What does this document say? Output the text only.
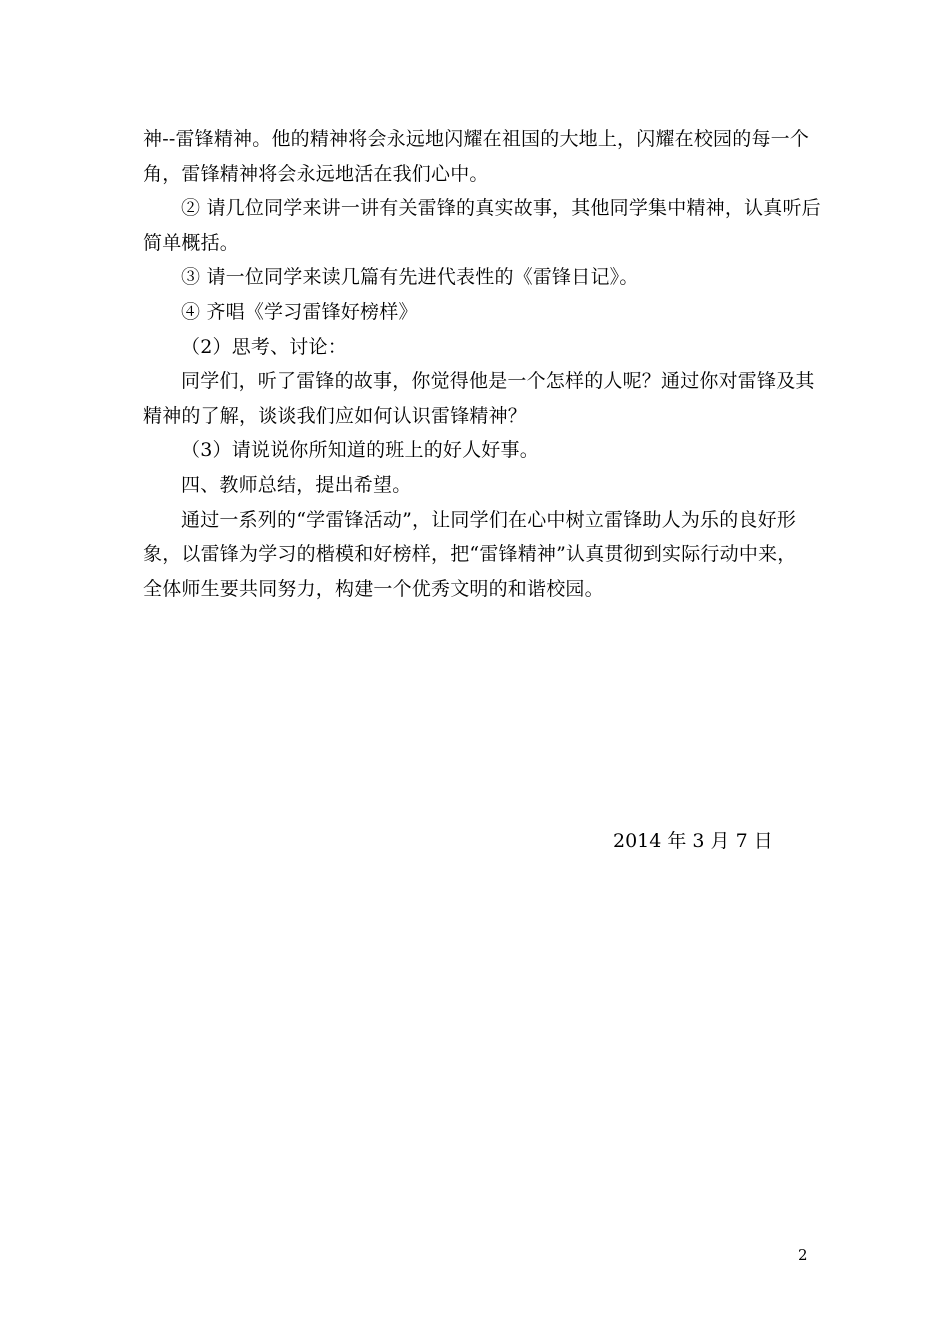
神--雷锋精神。他的精神将会永远地闪耀在祖国的大地上，闪耀在校园的每一个
角，雷锋精神将会永远地活在我们心中。
② 请几位同学来讲一讲有关雷锋的真实故事，其他同学集中精神，认真听后
简单概括。
③ 请一位同学来读几篇有先进代表性的《雷锋日记》。
④ 齐唱《学习雷锋好榜样》
（2）思考、讨论：
同学们，听了雷锋的故事，你觉得他是一个怎样的人呢？通过你对雷锋及其
精神的了解，谈谈我们应如何认识雷锋精神？
（3）请说说你所知道的班上的好人好事。
四、教师总结，提出希望。
通过一系列的“学雷锋活动”，让同学们在心中树立雷锋助人为乐的良好形
象，以雷锋为学习的楷模和好榜样，把“雷锋精神”认真贯彻到实际行动中来，
全体师生要共同努力，构建一个优秀文明的和谐校园。
2014 年 3 月 7 日
2
